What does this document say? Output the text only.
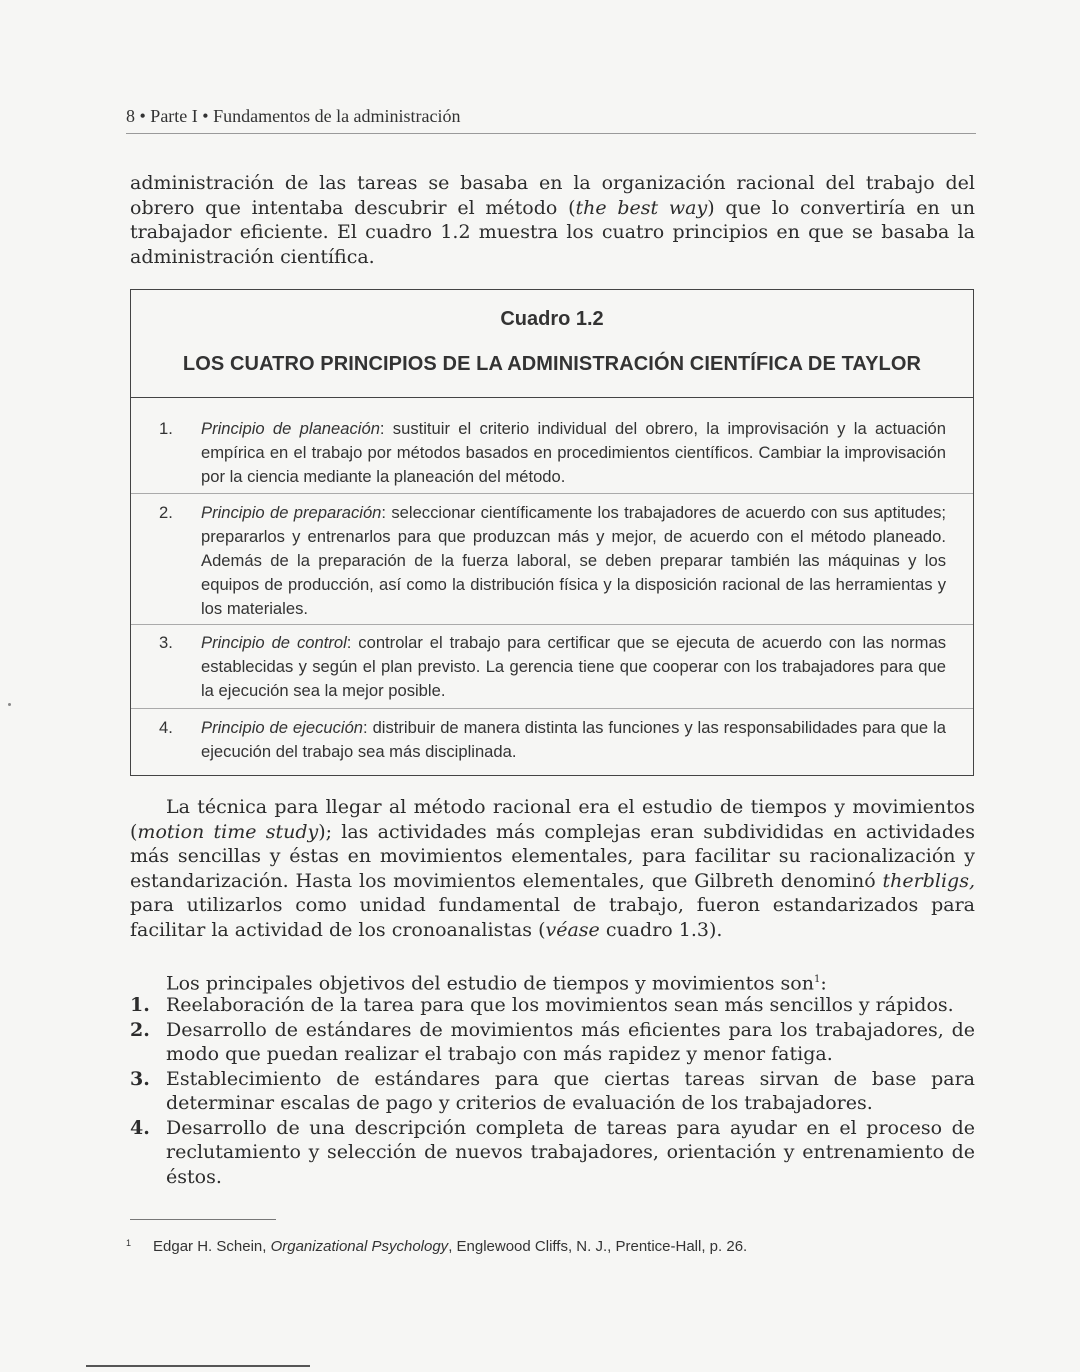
8 • Parte I • Fundamentos de la administración

administración de las tareas se basaba en la organización racional del trabajo del obrero que intentaba descubrir el método (the best way) que lo convertiría en un trabajador eficiente. El cuadro 1.2 muestra los cuatro principios en que se basaba la administración científica.

Cuadro 1.2
LOS CUATRO PRINCIPIOS DE LA ADMINISTRACIÓN CIENTÍFICA DE TAYLOR
1. Principio de planeación: sustituir el criterio individual del obrero, la improvisación y la actuación empírica en el trabajo por métodos basados en procedimientos científicos. Cambiar la improvisación por la ciencia mediante la planeación del método.
2. Principio de preparación: seleccionar científicamente los trabajadores de acuerdo con sus aptitudes; prepararlos y entrenarlos para que produzcan más y mejor, de acuerdo con el método planeado. Además de la preparación de la fuerza laboral, se deben preparar también las máquinas y los equipos de producción, así como la distribución física y la disposición racional de las herramientas y los materiales.
3. Principio de control: controlar el trabajo para certificar que se ejecuta de acuerdo con las normas establecidas y según el plan previsto. La gerencia tiene que cooperar con los trabajadores para que la ejecución sea la mejor posible.
4. Principio de ejecución: distribuir de manera distinta las funciones y las responsabilidades para que la ejecución del trabajo sea más disciplinada.

La técnica para llegar al método racional era el estudio de tiempos y movimientos (motion time study); las actividades más complejas eran subdivididas en actividades más sencillas y éstas en movimientos elementales, para facilitar su racionalización y estandarización. Hasta los movimientos elementales, que Gilbreth denominó therbligs, para utilizarlos como unidad fundamental de trabajo, fueron estandarizados para facilitar la actividad de los cronoanalistas (véase cuadro 1.3).

Los principales objetivos del estudio de tiempos y movimientos son$^1$:

1. Reelaboración de la tarea para que los movimientos sean más sencillos y rápidos.
2. Desarrollo de estándares de movimientos más eficientes para los trabajadores, de modo que puedan realizar el trabajo con más rapidez y menor fatiga.
3. Establecimiento de estándares para que ciertas tareas sirvan de base para determinar escalas de pago y criterios de evaluación de los trabajadores.
4. Desarrollo de una descripción completa de tareas para ayudar en el proceso de reclutamiento y selección de nuevos trabajadores, orientación y entrenamiento de éstos.
$^1$ Edgar H. Schein, Organizational Psychology, Englewood Cliffs, N. J., Prentice-Hall, p. 26.
